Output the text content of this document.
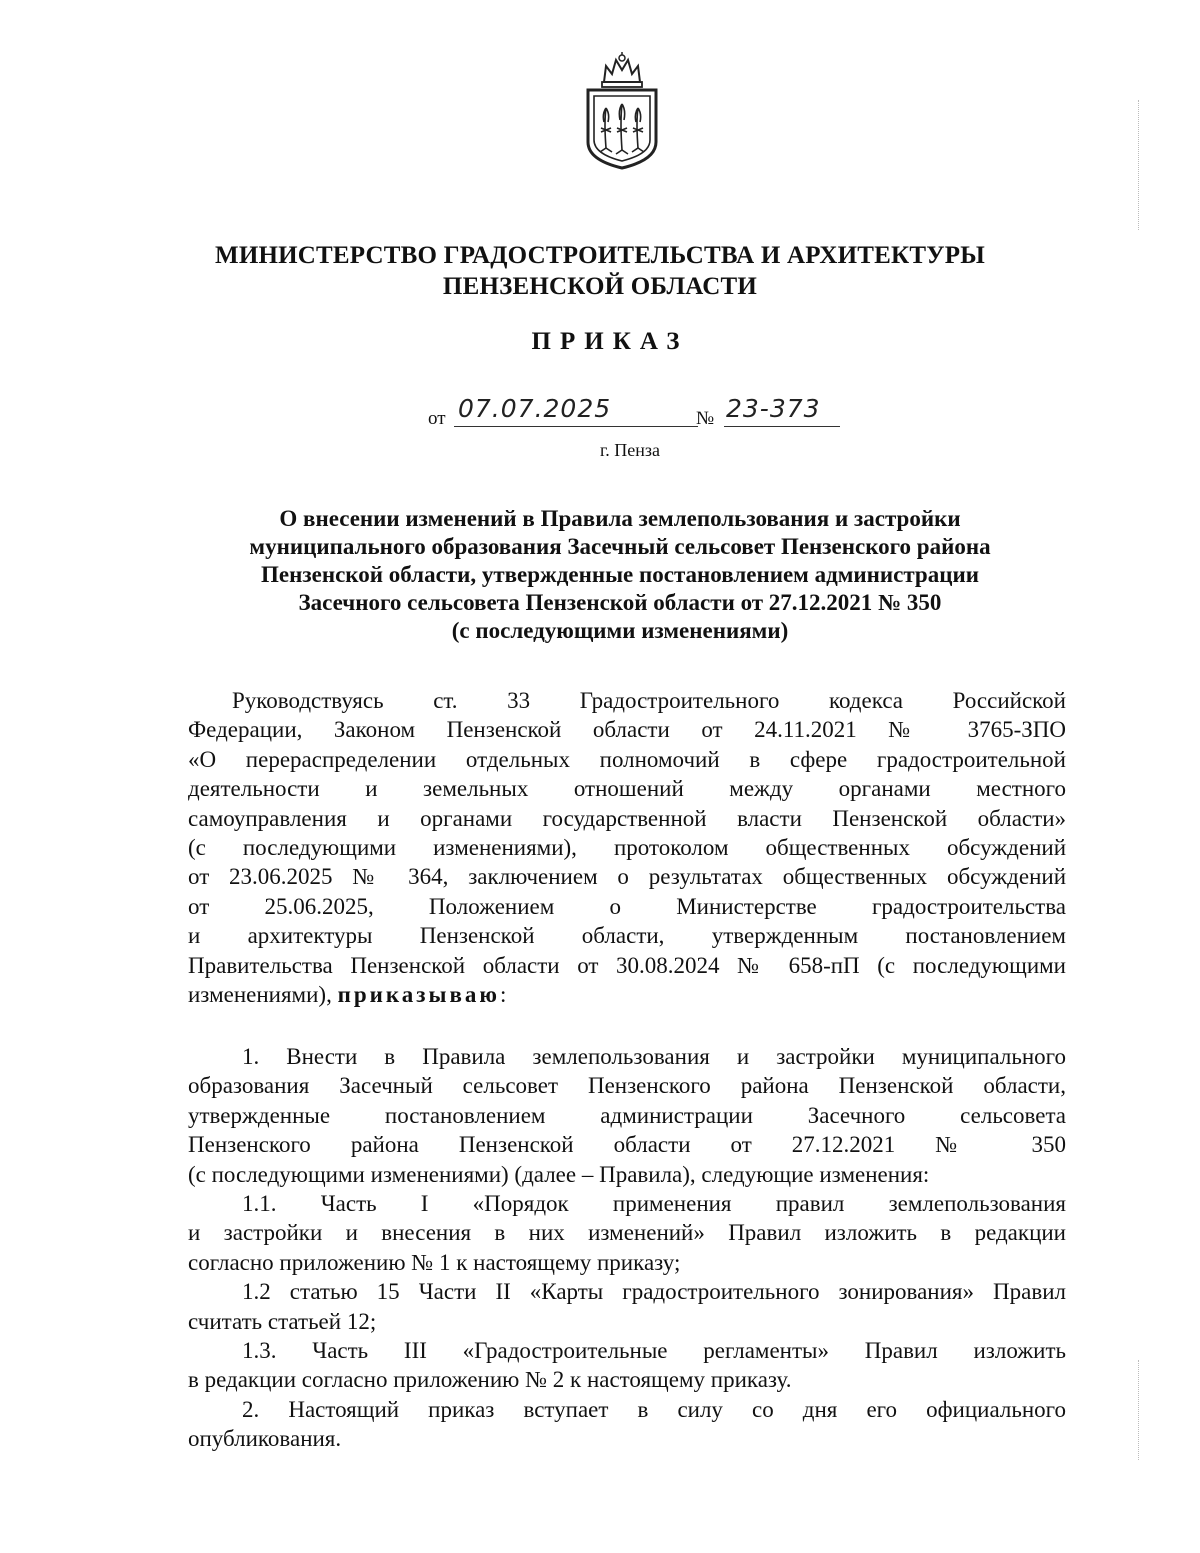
МИНИСТЕРСТВО ГРАДОСТРОИТЕЛЬСТВА И АРХИТЕКТУРЫ
ПЕНЗЕНСКОЙ ОБЛАСТИ
ПРИКАЗ
от 07.07.2025	№ 23-373
г. Пенза
О внесении изменений в Правила землепользования и застройки
муниципального образования Засечный сельсовет Пензенского района
Пензенской области, утвержденные постановлением администрации
Засечного сельсовета Пензенской области от 27.12.2021 № 350
(с последующими изменениями)
Руководствуясь ст. 33 Градостроительного кодекса Российской
Федерации, Законом Пензенской области от 24.11.2021 № 3765-ЗПО
«О перераспределении отдельных полномочий в сфере градостроительной
деятельности и земельных отношений между органами местного
самоуправления и органами государственной власти Пензенской области»
(с последующими изменениями), протоколом общественных обсуждений
от 23.06.2025 № 364, заключением о результатах общественных обсуждений
от 25.06.2025, Положением о Министерстве градостроительства
и архитектуры Пензенской области, утвержденным постановлением
Правительства Пензенской области от 30.08.2024 № 658-пП (с последующими
изменениями), приказываю:
1. Внести в Правила землепользования и застройки муниципального
образования Засечный сельсовет Пензенского района Пензенской области,
утвержденные постановлением администрации Засечного сельсовета
Пензенского района Пензенской области от 27.12.2021 № 350
(с последующими изменениями) (далее – Правила), следующие изменения:
1.1. Часть I «Порядок применения правил землепользования
и застройки и внесения в них изменений» Правил изложить в редакции
согласно приложению № 1 к настоящему приказу;
1.2 статью 15 Части II «Карты градостроительного зонирования» Правил
считать статьей 12;
1.3. Часть III «Градостроительные регламенты» Правил изложить
в редакции согласно приложению № 2 к настоящему приказу.
2. Настоящий приказ вступает в силу со дня его официального
опубликования.
